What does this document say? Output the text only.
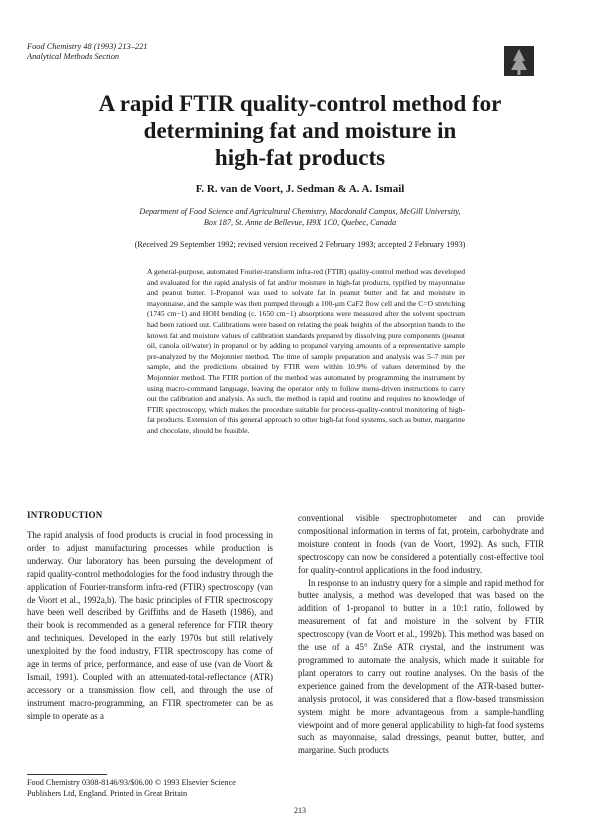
Food Chemistry 48 (1993) 213–221
Analytical Methods Section
A rapid FTIR quality-control method for
determining fat and moisture in
high-fat products
F. R. van de Voort, J. Sedman & A. A. Ismail
Department of Food Science and Agricultural Chemistry, Macdonald Campus, McGill University,
Box 187, St. Anne de Bellevue, H9X 1C0, Quebec, Canada
(Received 29 September 1992; revised version received 2 February 1993; accepted 2 February 1993)
A general-purpose, automated Fourier-transform infra-red (FTIR) quality-control method was developed and evaluated for the rapid analysis of fat and/or moisture in high-fat products, typified by mayonnaise and peanut butter. 1-Propanol was used to solvate fat in peanut butter and fat and moisture in mayonnaise, and the sample was then pumped through a 100-μm CaF2 flow cell and the C=O stretching (1745 cm−1) and HOH bending (c. 1650 cm−1) absorptions were measured after the solvent spectrum had been ratioed out. Calibrations were based on relating the peak heights of the absorption bands to the known fat and moisture values of calibration standards prepared by dissolving pure components (peanut oil, canola oil/water) in propanol or by adding to propanol varying amounts of a representative sample pre-analyzed by the Mojonnier method. The time of sample preparation and analysis was 5–7 min per sample, and the predictions obtained by FTIR were within 10.9% of values determined by the Mojonnier method. The FTIR portion of the method was automated by programming the instrument by using macro-command language, leaving the operator only to follow menu-driven instructions to carry out the calibration and analysis. As such, the method is rapid and routine and requires no knowledge of FTIR spectroscopy, which makes the procedure suitable for process-quality-control monitoring of high-fat products. Extension of this general approach to other high-fat food systems, such as butter, margarine and chocolate, should be feasible.
INTRODUCTION

The rapid analysis of food products is crucial in food processing in order to adjust manufacturing processes while production is underway. Our laboratory has been pursuing the development of rapid quality-control methodologies for the food industry through the application of Fourier-transform infra-red (FTIR) spectroscopy (van de Voort et al., 1992a,b). The basic principles of FTIR spectroscopy have been well described by Griffiths and de Haseth (1986), and their book is recommended as a general reference for FTIR theory and techniques. Developed in the early 1970s but still relatively unexploited by the food industry, FTIR spectroscopy has come of age in terms of price, performance, and ease of use (van de Voort & Ismail, 1991). Coupled with an attenuated-total-reflectance (ATR) accessory or a transmission flow cell, and through the use of instrument macro-programming, an FTIR spectrometer can be as simple to operate as a

conventional visible spectrophotometer and can provide compositional information in terms of fat, protein, carbohydrate and moisture content in foods (van de Voort, 1992). As such, FTIR spectroscopy can now be considered a potentially cost-effective tool for quality-control applications in the food industry.

In response to an industry query for a simple and rapid method for butter analysis, a method was developed that was based on the addition of 1-propanol to butter in a 10:1 ratio, followed by measurement of fat and moisture in the solvent by FTIR spectroscopy (van de Voort et al., 1992b). This method was based on the use of a 45° ZnSe ATR crystal, and the instrument was programmed to automate the analysis, which made it suitable for plant operators to carry out routine analyses. On the basis of the experience gained from the development of the ATR-based butter-analysis protocol, it was considered that a flow-based transmission system might be more advantageous from a sample-handling viewpoint and of more general applicability to high-fat food systems such as mayonnaise, salad dressings, peanut butter, butter, and margarine. Such products

Food Chemistry 0308-8146/93/$06.00 © 1993 Elsevier Science
Publishers Ltd, England. Printed in Great Britain
213
